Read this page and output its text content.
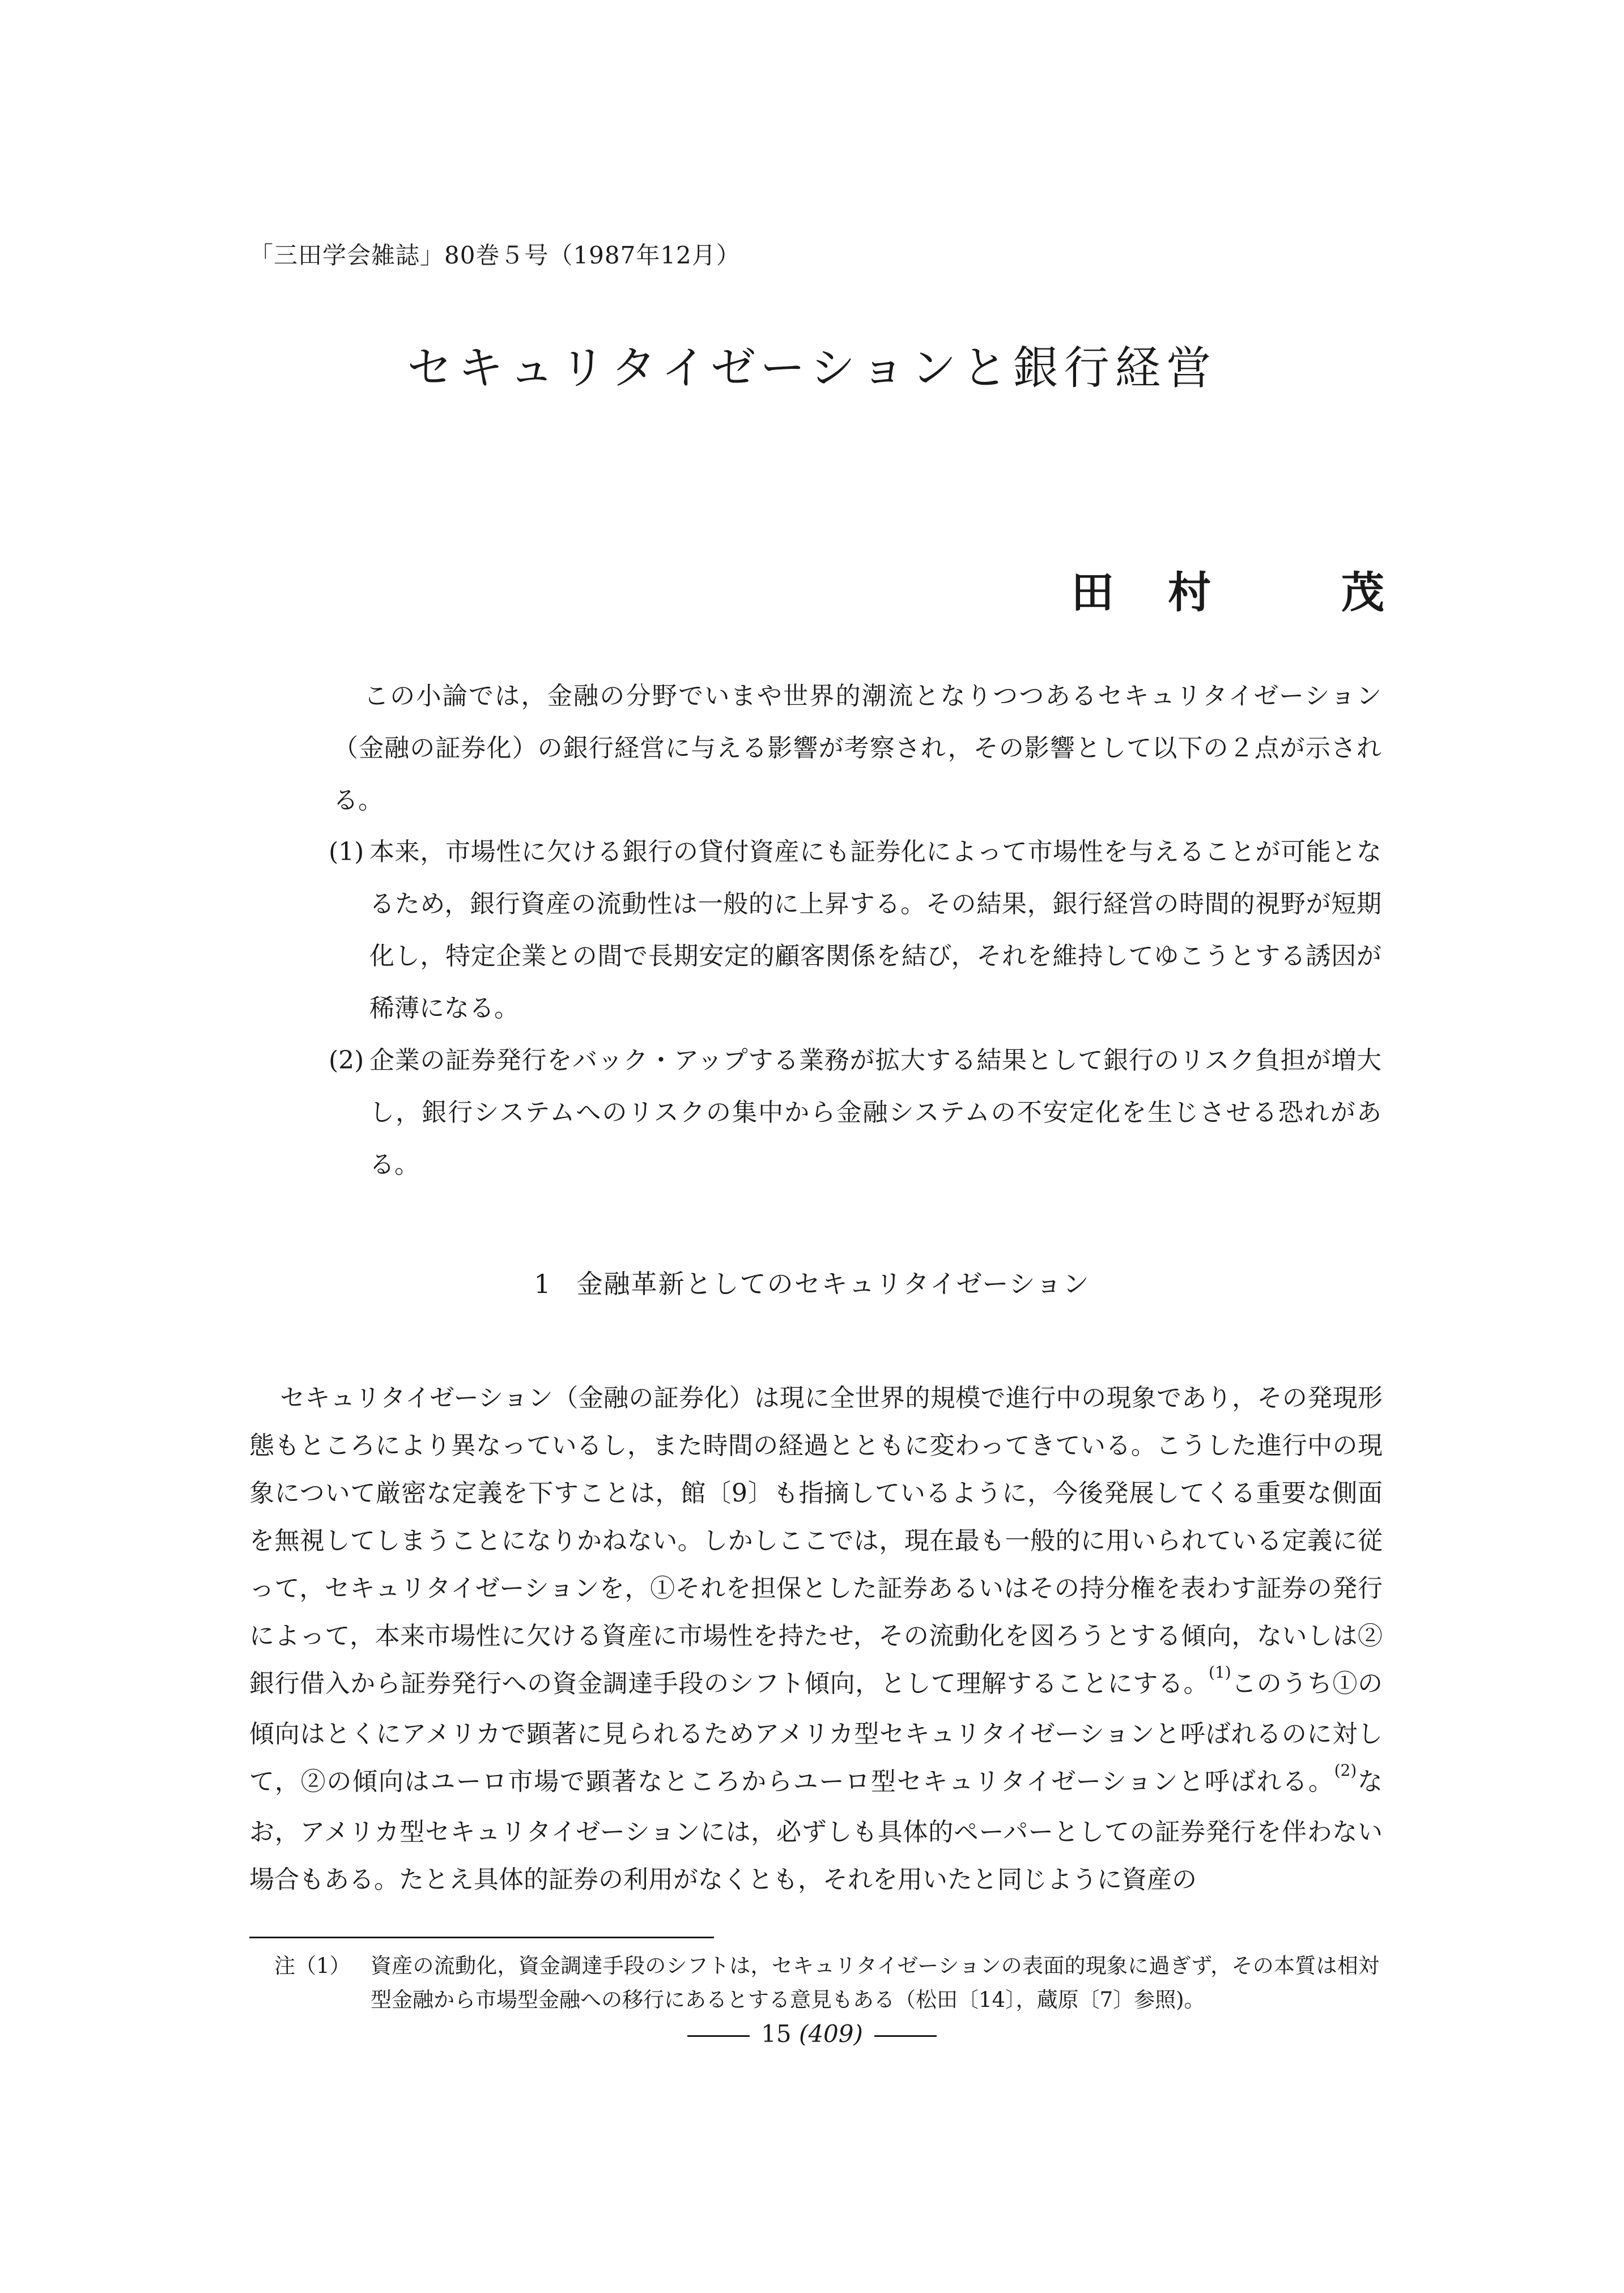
「三田学会雑誌」80巻５号（1987年12月）
セキュリタイゼーションと銀行経営
田 村	茂

この小論では，金融の分野でいまや世界的潮流となりつつあるセキュリタイゼーション（金融の証券化）の銀行経営に与える影響が考察され，その影響として以下の２点が示される。

(1) 本来，市場性に欠ける銀行の貸付資産にも証券化によって市場性を与えることが可能となるため，銀行資産の流動性は一般的に上昇する。その結果，銀行経営の時間的視野が短期化し，特定企業との間で長期安定的顧客関係を結び，それを維持してゆこうとする誘因が稀薄になる。
(2) 企業の証券発行をバック・アップする業務が拡大する結果として銀行のリスク負担が増大し，銀行システムへのリスクの集中から金融システムの不安定化を生じさせる恐れがある。
1 金融革新としてのセキュリタイゼーション

セキュリタイゼーション（金融の証券化）は現に全世界的規模で進行中の現象であり，その発現形態もところにより異なっているし，また時間の経過とともに変わってきている。こうした進行中の現象について厳密な定義を下すことは，館〔9〕も指摘しているように，今後発展してくる重要な側面を無視してしまうことになりかねない。しかしここでは，現在最も一般的に用いられている定義に従って，セキュリタイゼーションを，①それを担保とした証券あるいはその持分権を表わす証券の発行によって，本来市場性に欠ける資産に市場性を持たせ，その流動化を図ろうとする傾向，ないしは②銀行借入から証券発行への資金調達手段のシフト傾向，として理解することにする。$^{(1)}$このうち①の傾向はとくにアメリカで顕著に見られるためアメリカ型セキュリタイゼーションと呼ばれるのに対して，②の傾向はユーロ市場で顕著なところからユーロ型セキュリタイゼーションと呼ばれる。$^{(2)}$なお，アメリカ型セキュリタイゼーションには，必ずしも具体的ペーパーとしての証券発行を伴わない場合もある。たとえ具体的証券の利用がなくとも，それを用いたと同じように資産の

注（1） 資産の流動化，資金調達手段のシフトは，セキュリタイゼーションの表面的現象に過ぎず，その本質は相対型金融から市場型金融への移行にあるとする意見もある（松田〔14〕，蔵原〔7〕参照)。

15 (409)
